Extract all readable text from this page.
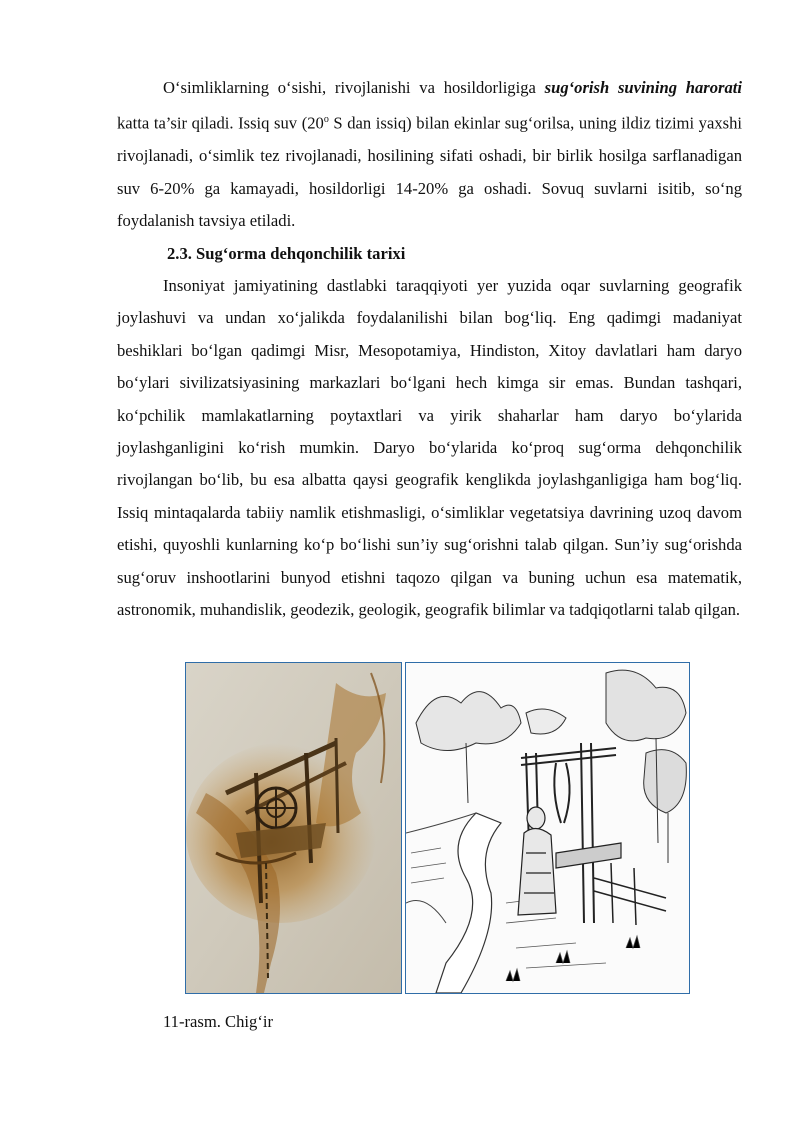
O‘simliklarning o‘sishi, rivojlanishi va hosildorligiga sug‘orish suvining harorati katta ta’sir qiladi. Issiq suv (20$^o$ S dan issiq) bilan ekinlar sug‘orilsa, uning ildiz tizimi yaxshi rivojlanadi, o‘simlik tez rivojlanadi, hosilining sifati oshadi, bir birlik hosilga sarflanadigan suv 6-20% ga kamayadi, hosildorligi 14-20% ga oshadi. Sovuq suvlarni isitib, so‘ng foydalanish tavsiya etiladi.

2.3. Sug‘orma dehqonchilik tarixi

Insoniyat jamiyatining dastlabki taraqqiyoti yer yuzida oqar suvlarning geografik joylashuvi va undan xo‘jalikda foydalanilishi bilan bog‘liq. Eng qadimgi madaniyat beshiklari bo‘lgan qadimgi Misr, Mesopotamiya, Hindiston, Xitoy davlatlari ham daryo bo‘ylari sivilizatsiyasining markazlari bo‘lgani hech kimga sir emas. Bundan tashqari, ko‘pchilik mamlakatlarning poytaxtlari va yirik shaharlar ham daryo bo‘ylarida joylashganligini ko‘rish mumkin. Daryo bo‘ylarida ko‘proq sug‘orma dehqonchilik rivojlangan bo‘lib, bu esa albatta qaysi geografik kenglikda joylashganligiga ham bog‘liq. Issiq mintaqalarda tabiiy namlik etishmasligi, o‘simliklar vegetatsiya davrining uzoq davom etishi, quyoshli kunlarning ko‘p bo‘lishi sun’iy sug‘orishni talab qilgan. Sun’iy sug‘orishda sug‘oruv inshootlarini bunyod etishni taqozo qilgan va buning uchun esa matematik, astronomik, muhandislik, geodezik, geologik, geografik bilimlar va tadqiqotlarni talab qilgan.

11-rasm. Chig‘ir
